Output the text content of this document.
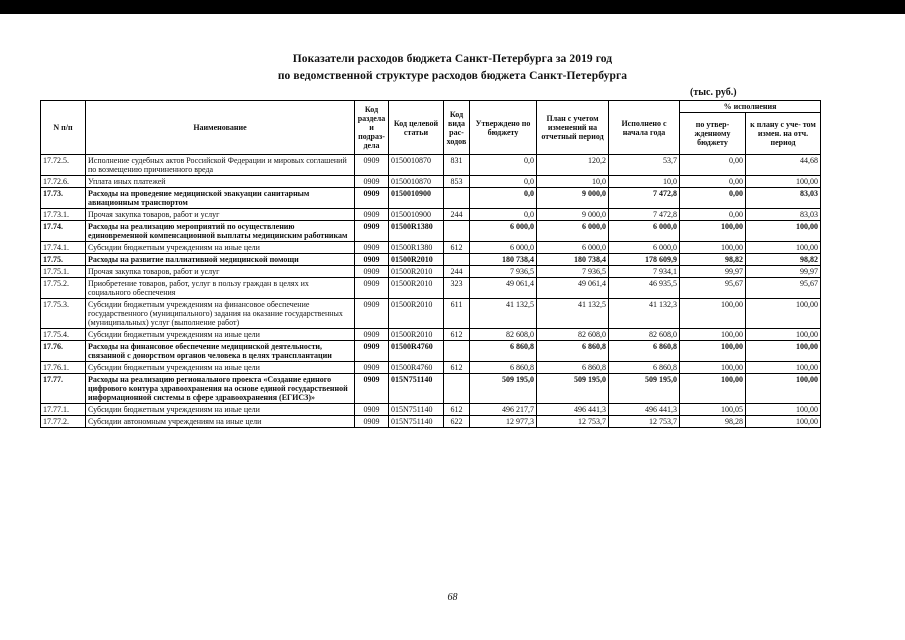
Показатели расходов бюджета Санкт-Петербурга за 2019 год
по ведомственной структуре расходов бюджета Санкт-Петербурга
(тыс. руб.)
N п/п	Наименование	Код раздела и подраз- дела	Код целевой статьи	Код вида рас- ходов	Утверждено по бюджету	План с учетом изменений на отчетный период	Исполнено с начала года	% исполнения	
								по утвер- жденному бюджету	к плану с уче- том измен. на отч. период
17.72.5.	Исполнение судебных актов Российской Федерации и мировых соглашений по возмещению причиненного вреда	0909	0150010870	831	0,0	120,2	53,7	0,00	44,68
17.72.6.	Уплата иных платежей	0909	0150010870	853	0,0	10,0	10,0	0,00	100,00
17.73.	Расходы на проведение медицинской эвакуации санитарным авиационным транспортом	0909	0150010900		0,0	9 000,0	7 472,8	0,00	83,03
17.73.1.	Прочая закупка товаров, работ и услуг	0909	0150010900	244	0,0	9 000,0	7 472,8	0,00	83,03
17.74.	Расходы на реализацию мероприятий по осуществлению единовременной компенсационной выплаты медицинским работникам	0909	01500R1380		6 000,0	6 000,0	6 000,0	100,00	100,00
17.74.1.	Субсидии бюджетным учреждениям на иные цели	0909	01500R1380	612	6 000,0	6 000,0	6 000,0	100,00	100,00
17.75.	Расходы на развитие паллиативной медицинской помощи	0909	01500R2010		180 738,4	180 738,4	178 609,9	98,82	98,82
17.75.1.	Прочая закупка товаров, работ и услуг	0909	01500R2010	244	7 936,5	7 936,5	7 934,1	99,97	99,97
17.75.2.	Приобретение товаров, работ, услуг в пользу граждан в целях их социального обеспечения	0909	01500R2010	323	49 061,4	49 061,4	46 935,5	95,67	95,67
17.75.3.	Субсидии бюджетным учреждениям на финансовое обеспечение государственного (муниципального) задания на оказание государственных (муниципальных) услуг (выполнение работ)	0909	01500R2010	611	41 132,5	41 132,5	41 132,3	100,00	100,00
17.75.4.	Субсидии бюджетным учреждениям на иные цели	0909	01500R2010	612	82 608,0	82 608,0	82 608,0	100,00	100,00
17.76.	Расходы на финансовое обеспечение медицинской деятельности, связанной с донорством органов человека в целях трансплантации	0909	01500R4760		6 860,8	6 860,8	6 860,8	100,00	100,00
17.76.1.	Субсидии бюджетным учреждениям на иные цели	0909	01500R4760	612	6 860,8	6 860,8	6 860,8	100,00	100,00
17.77.	Расходы на реализацию регионального проекта «Создание единого цифрового контура здравоохранения на основе единой государственной информационной системы в сфере здравоохранения (ЕГИСЗ)»	0909	015N751140		509 195,0	509 195,0	509 195,0	100,00	100,00
17.77.1.	Субсидии бюджетным учреждениям на иные цели	0909	015N751140	612	496 217,7	496 441,3	496 441,3	100,05	100,00
17.77.2.	Субсидии автономным учреждениям на иные цели	0909	015N751140	622	12 977,3	12 753,7	12 753,7	98,28	100,00
68
